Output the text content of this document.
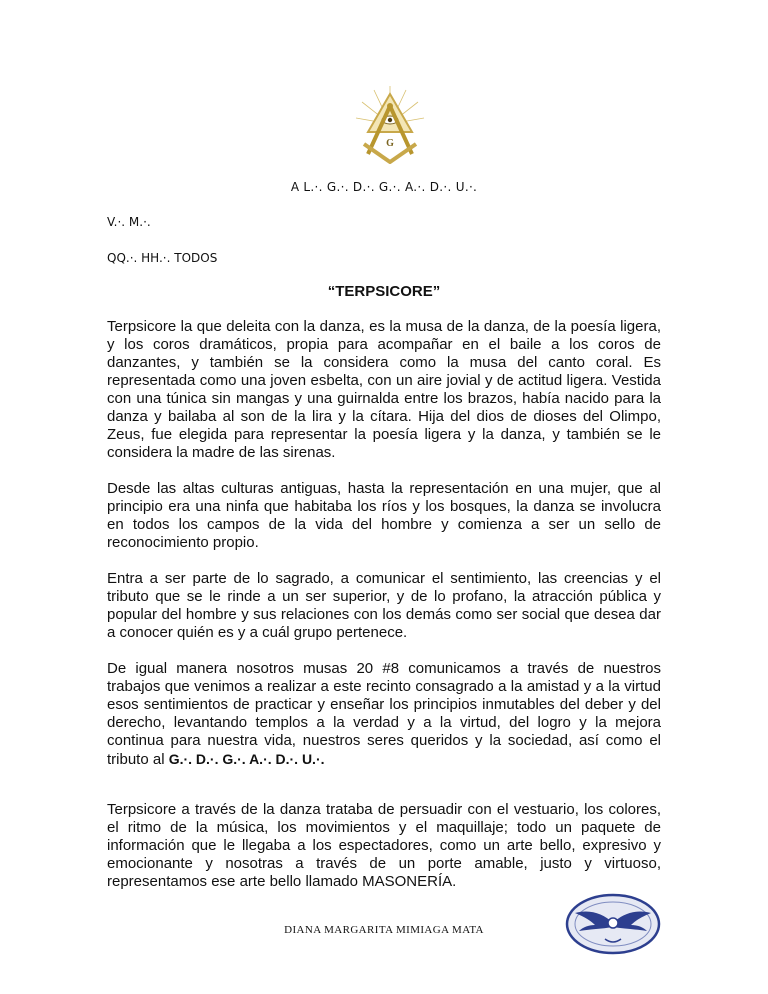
G
A L.·. G.·. D.·. G.·. A.·. D.·. U.·.
V.·. M.·.
QQ.·. HH.·. TODOS
“TERPSICORE”

Terpsicore la que deleita con la danza, es la musa de la danza, de la poesía ligera, y los coros dramáticos, propia para acompañar en el baile a los coros de danzantes, y también se la considera como la musa del canto coral. Es representada como una joven esbelta, con un aire jovial y de actitud ligera. Vestida con una túnica sin mangas y una guirnalda entre los brazos, había nacido para la danza y bailaba al son de la lira y la cítara. Hija del dios de dioses del Olimpo, Zeus, fue elegida para representar la poesía ligera y la danza, y también se le considera la madre de las sirenas.

Desde las altas culturas antiguas, hasta la representación en una mujer, que al principio era una ninfa que habitaba los ríos y los bosques, la danza se involucra en todos los campos de la vida del hombre y comienza a ser un sello de reconocimiento propio.

Entra a ser parte de lo sagrado, a comunicar el sentimiento, las creencias y el tributo que se le rinde a un ser superior, y de lo profano, la atracción pública y popular del hombre y sus relaciones con los demás como ser social que desea dar a conocer quién es y a cuál grupo pertenece.

De igual manera nosotros musas 20 #8 comunicamos a través de nuestros trabajos que venimos a realizar a este recinto consagrado a la amistad y a la virtud esos sentimientos de practicar y enseñar los principios inmutables del deber y del derecho, levantando templos a la verdad y a la virtud, del logro y la mejora continua para nuestra vida, nuestros seres queridos y la sociedad, así como el tributo al G.·. D.·. G.·. A.·. D.·. U.·.

Terpsicore a través de la danza trataba de persuadir con el vestuario, los colores, el ritmo de la música, los movimientos y el maquillaje; todo un paquete de información que le llegaba a los espectadores, como un arte bello, expresivo y emocionante y nosotras a través de un porte amable, justo y virtuoso, representamos ese arte bello llamado MASONERÍA.

DIANA MARGARITA MIMIAGA MATA
